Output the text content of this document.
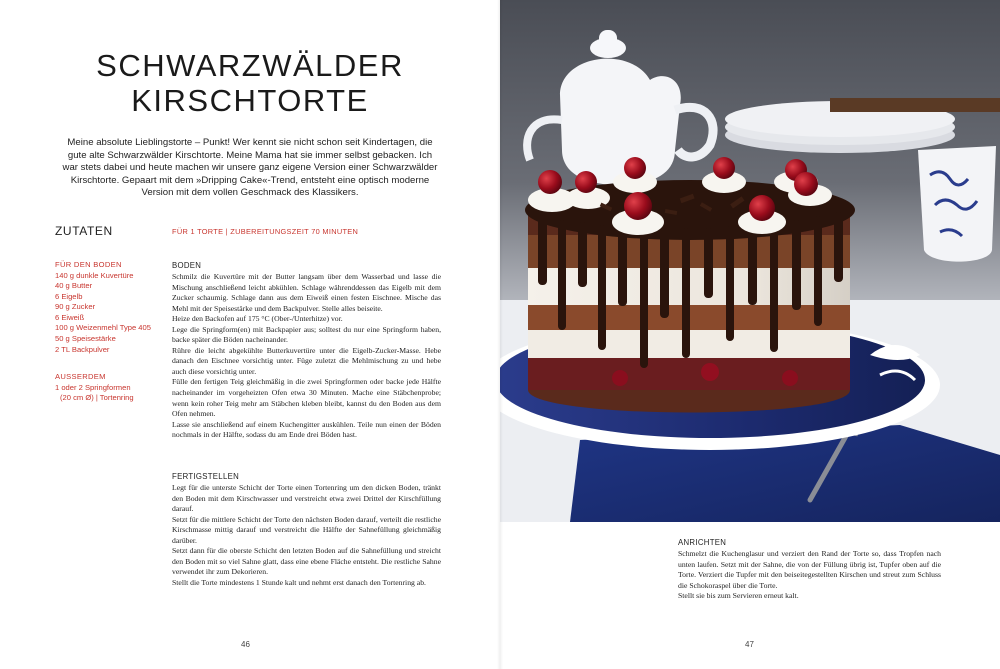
SCHWARZWÄLDER
KIRSCHTORTE

Meine absolute Lieblingstorte – Punkt! Wer kennt sie nicht schon seit Kindertagen, die gute alte Schwarzwälder Kirschtorte. Meine Mama hat sie immer selbst gebacken. Ich war stets dabei und heute machen wir unsere ganz eigene Version einer Schwarzwälder Kirschtorte. Gepaart mit dem »Dripping Cake«-Trend, entsteht eine optisch moderne Version mit dem vollen Geschmack des Klassikers.

ZUTATEN	FÜR 1 TORTE | ZUBEREITUNGSZEIT 70 MINUTEN

FÜR DEN BODEN
140 g dunkle Kuvertüre
40 g Butter
6 Eigelb
90 g Zucker
6 Eiweiß
100 g Weizenmehl Type 405
50 g Speisestärke
2 TL Backpulver
AUSSERDEM
1 oder 2 Springformen
(20 cm Ø) | Tortenring
BODEN

Schmilz die Kuvertüre mit der Butter langsam über dem Wasserbad und lasse die Mischung anschließend leicht abkühlen. Schlage währenddessen das Eigelb mit dem Zucker schaumig. Schlage dann aus dem Eiweiß einen festen Eischnee. Mische das Mehl mit der Speisestärke und dem Backpulver. Stelle alles beiseite.

Heize den Backofen auf 175 °C (Ober-/Unterhitze) vor.

Lege die Springform(en) mit Backpapier aus; solltest du nur eine Springform haben, backe später die Böden nacheinander.

Rühre die leicht abgekühlte Butterkuvertüre unter die Eigelb-Zucker-Masse. Hebe danach den Eischnee vorsichtig unter. Füge zuletzt die Mehlmischung zu und hebe auch diese vorsichtig unter.

Fülle den fertigen Teig gleichmäßig in die zwei Springformen oder backe jede Hälfte nacheinander im vorgeheizten Ofen etwa 30 Minuten. Mache eine Stäbchenprobe; wenn kein roher Teig mehr am Stäbchen kleben bleibt, kannst du den Boden aus dem Ofen nehmen.

Lasse sie anschließend auf einem Kuchengitter auskühlen. Teile nun einen der Böden nochmals in der Hälfte, sodass du am Ende drei Böden hast.

FERTIGSTELLEN

Legt für die unterste Schicht der Torte einen Tortenring um den dicken Boden, tränkt den Boden mit dem Kirschwasser und verstreicht etwa zwei Drittel der Kirschfüllung darauf.

Setzt für die mittlere Schicht der Torte den nächsten Boden darauf, verteilt die restliche Kirschmasse mittig darauf und verstreicht die Hälfte der Sahnefüllung gleichmäßig darüber.

Setzt dann für die oberste Schicht den letzten Boden auf die Sahnefüllung und streicht den Boden mit so viel Sahne glatt, dass eine ebene Fläche entsteht. Die restliche Sahne verwendet ihr zum Dekorieren.

Stellt die Torte mindestens 1 Stunde kalt und nehmt erst danach den Tortenring ab.

46

ANRICHTEN

Schmelzt die Kuchenglasur und verziert den Rand der Torte so, dass Tropfen nach unten laufen. Setzt mit der Sahne, die von der Füllung übrig ist, Tupfer oben auf die Torte. Verziert die Tupfer mit den beiseitegestellten Kirschen und streut zum Schluss die Schokoraspel über die Torte.

Stellt sie bis zum Servieren erneut kalt.

47
